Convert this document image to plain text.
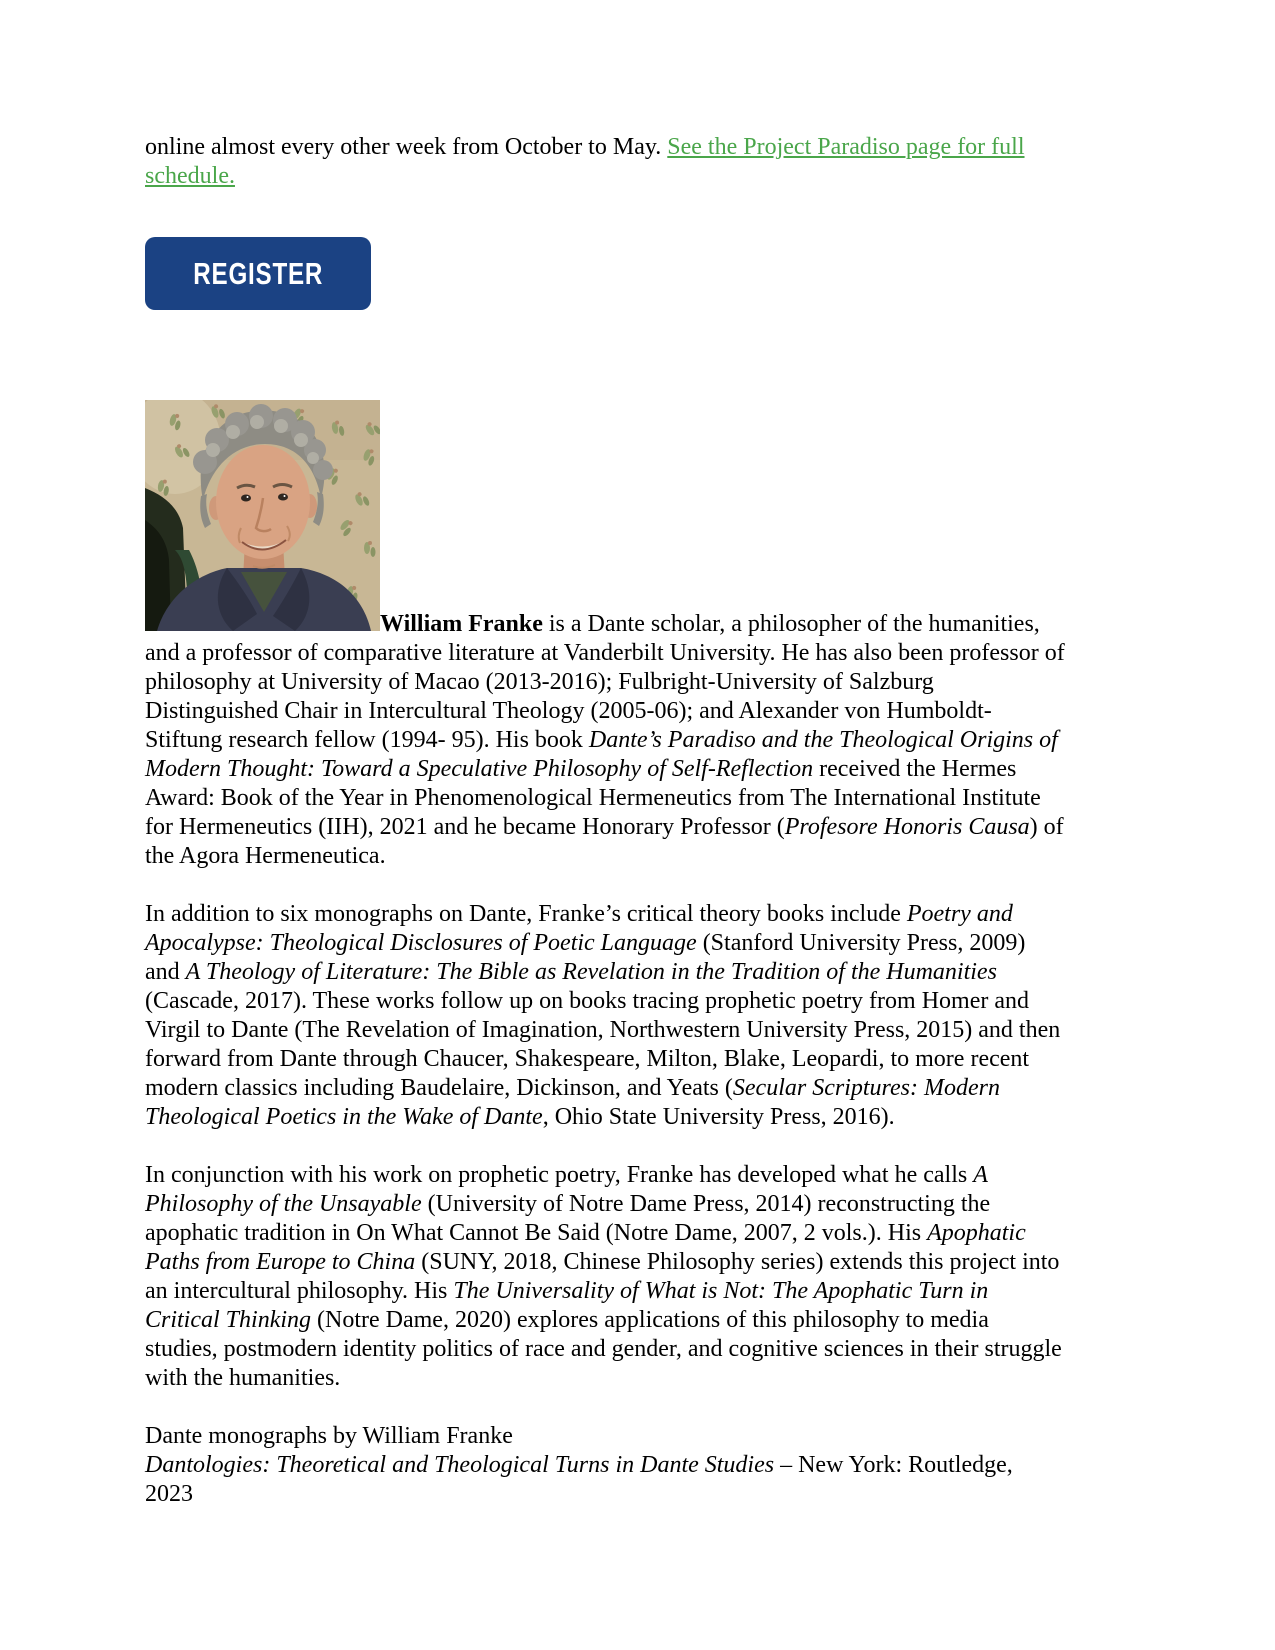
online almost every other week from October to May. See the Project Paradiso page for full schedule.

REGISTER

William Franke is a Dante scholar, a philosopher of the humanities, and a professor of comparative literature at Vanderbilt University. He has also been professor of philosophy at University of Macao (2013-2016); Fulbright-University of Salzburg Distinguished Chair in Intercultural Theology (2005-06); and Alexander von Humboldt-Stiftung research fellow (1994- 95). His book Dante’s Paradiso and the Theological Origins of Modern Thought: Toward a Speculative Philosophy of Self-Reflection received the Hermes Award: Book of the Year in Phenomenological Hermeneutics from The International Institute for Hermeneutics (IIH), 2021 and he became Honorary Professor (Profesore Honoris Causa) of the Agora Hermeneutica.

In addition to six monographs on Dante, Franke’s critical theory books include Poetry and Apocalypse: Theological Disclosures of Poetic Language (Stanford University Press, 2009) and A Theology of Literature: The Bible as Revelation in the Tradition of the Humanities (Cascade, 2017). These works follow up on books tracing prophetic poetry from Homer and Virgil to Dante (The Revelation of Imagination, Northwestern University Press, 2015) and then forward from Dante through Chaucer, Shakespeare, Milton, Blake, Leopardi, to more recent modern classics including Baudelaire, Dickinson, and Yeats (Secular Scriptures: Modern Theological Poetics in the Wake of Dante, Ohio State University Press, 2016).

In conjunction with his work on prophetic poetry, Franke has developed what he calls A Philosophy of the Unsayable (University of Notre Dame Press, 2014) reconstructing the apophatic tradition in On What Cannot Be Said (Notre Dame, 2007, 2 vols.). His Apophatic Paths from Europe to China (SUNY, 2018, Chinese Philosophy series) extends this project into an intercultural philosophy. His The Universality of What is Not: The Apophatic Turn in Critical Thinking (Notre Dame, 2020) explores applications of this philosophy to media studies, postmodern identity politics of race and gender, and cognitive sciences in their struggle with the humanities.

Dante monographs by William Franke
Dantologies: Theoretical and Theological Turns in Dante Studies – New York: Routledge, 2023
